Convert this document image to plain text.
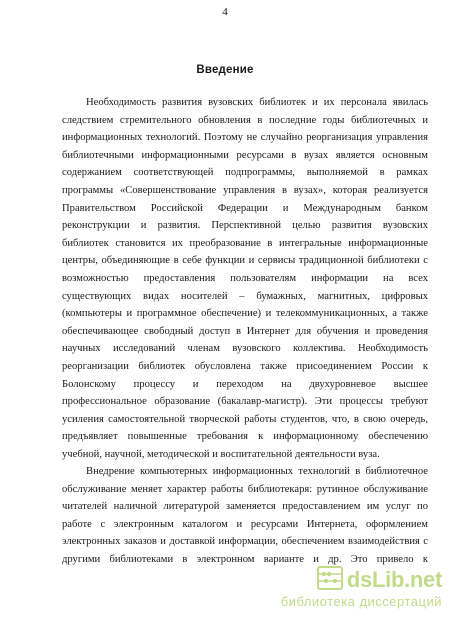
4
Введение
Необходимость развития вузовских библиотек и их персонала явилась
следствием стремительного обновления в последние годы библиотечных и
информационных технологий. Поэтому не случайно реорганизация управления
библиотечными информационными ресурсами в вузах является основным
содержанием соответствующей подпрограммы, выполняемой в рамках
программы «Совершенствование управления в вузах», которая реализуется
Правительством Российской Федерации и Международным банком
реконструкции и развития. Перспективной целью развития вузовских
библиотек становится их преобразование в интегральные информационные
центры, объединяющие в себе функции и сервисы традиционной библиотеки с
возможностью предоставления пользователям информации на всех
существующих видах носителей – бумажных, магнитных, цифровых
(компьютеры и программное обеспечение) и телекоммуникационных, а также
обеспечивающее свободный доступ в Интернет для обучения и проведения
научных исследований членам вузовского коллектива. Необходимость
реорганизации библиотек обусловлена также присоединением России к
Болонскому процессу и переходом на двухуровневое высшее
профессиональное образование (бакалавр-магистр). Эти процессы требуют
усиления самостоятельной творческой работы студентов, что, в свою очередь,
предъявляет повышенные требования к информационному обеспечению
учебной, научной, методической и воспитательной деятельности вуза.
Внедрение компьютерных информационных технологий в библиотечное
обслуживание меняет характер работы библиотекаря: рутинное обслуживание
читателей наличной литературой заменяется предоставлением им услуг по
работе с электронным каталогом и ресурсами Интернета, оформлением
электронных заказов и доставкой информации, обеспечением взаимодействия с
другими библиотеками в электронном варианте и др. Это привело к
dsLib.net
библиотека диссертаций
